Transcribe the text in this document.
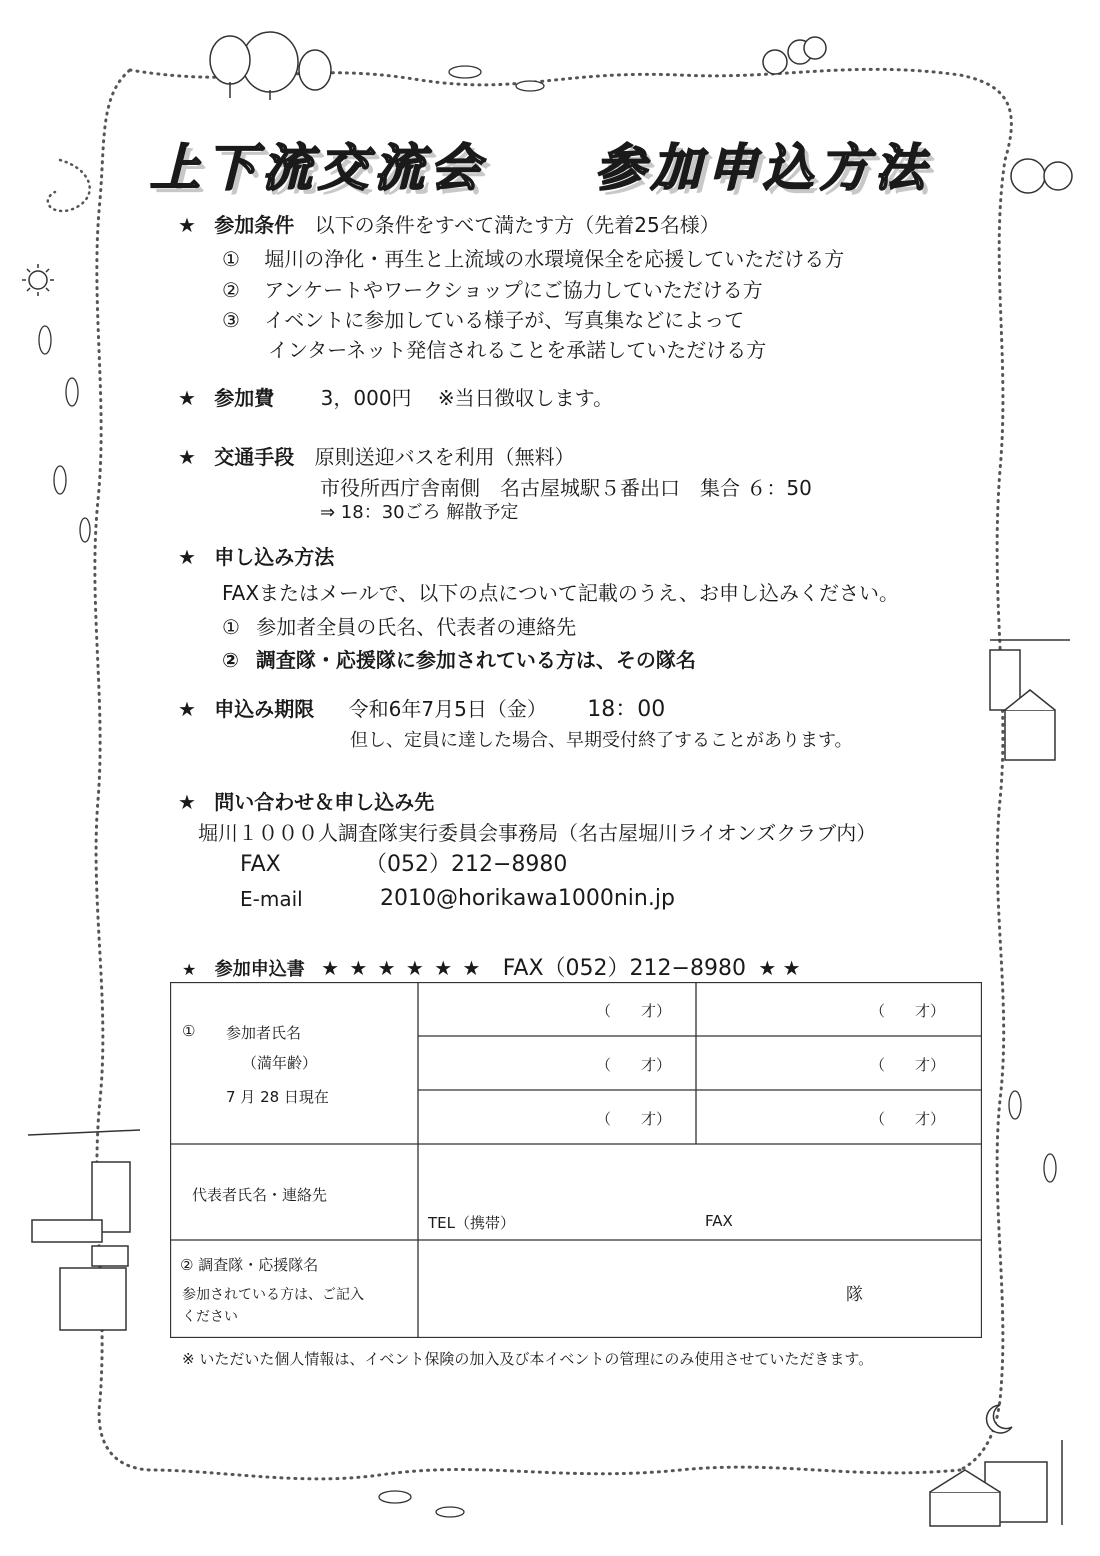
上下流交流会 参加申込方法
★ 参加条件 以下の条件をすべて満たす方（先着25名様）
① 堀川の浄化・再生と上流域の水環境保全を応援していただける方
② アンケートやワークショップにご協力していただける方
③ イベントに参加している様子が、写真集などによって
インターネット発信されることを承諾していただける方
★ 参加費 3，000円 ※当日徴収します。
★ 交通手段 原則送迎バスを利用（無料）
市役所西庁舎南側　名古屋城駅５番出口　集合 ６：50
⇒ 18：30ごろ 解散予定
★ 申し込み方法
FAXまたはメールで、以下の点について記載のうえ、お申し込みください。
① 参加者全員の氏名、代表者の連絡先
② 調査隊・応援隊に参加されている方は、その隊名
★ 申込み期限 令和6年7月5日（金） 18：00
但し、定員に達した場合、早期受付終了することがあります。
★ 問い合わせ＆申し込み先
堀川１０００人調査隊実行委員会事務局（名古屋堀川ライオンズクラブ内）
FAX	（052）212−8980
E-mail	2010@horikawa1000nin.jp
★ 参加申込書 ★ ★ ★ ★ ★ ★ FAX（052）212−8980 ★ ★
① 参加者氏名
（満年齢）
7 月 28 日現在
（　　才）	（　　才）
（　　才）	（　　才）
（　　才）	（　　才）
代表者氏名・連絡先
TEL（携帯）	FAX
② 調査隊・応援隊名
参加されている方は、ご記入
ください
隊
※ いただいた個人情報は、イベント保険の加入及び本イベントの管理にのみ使用させていただきます。
